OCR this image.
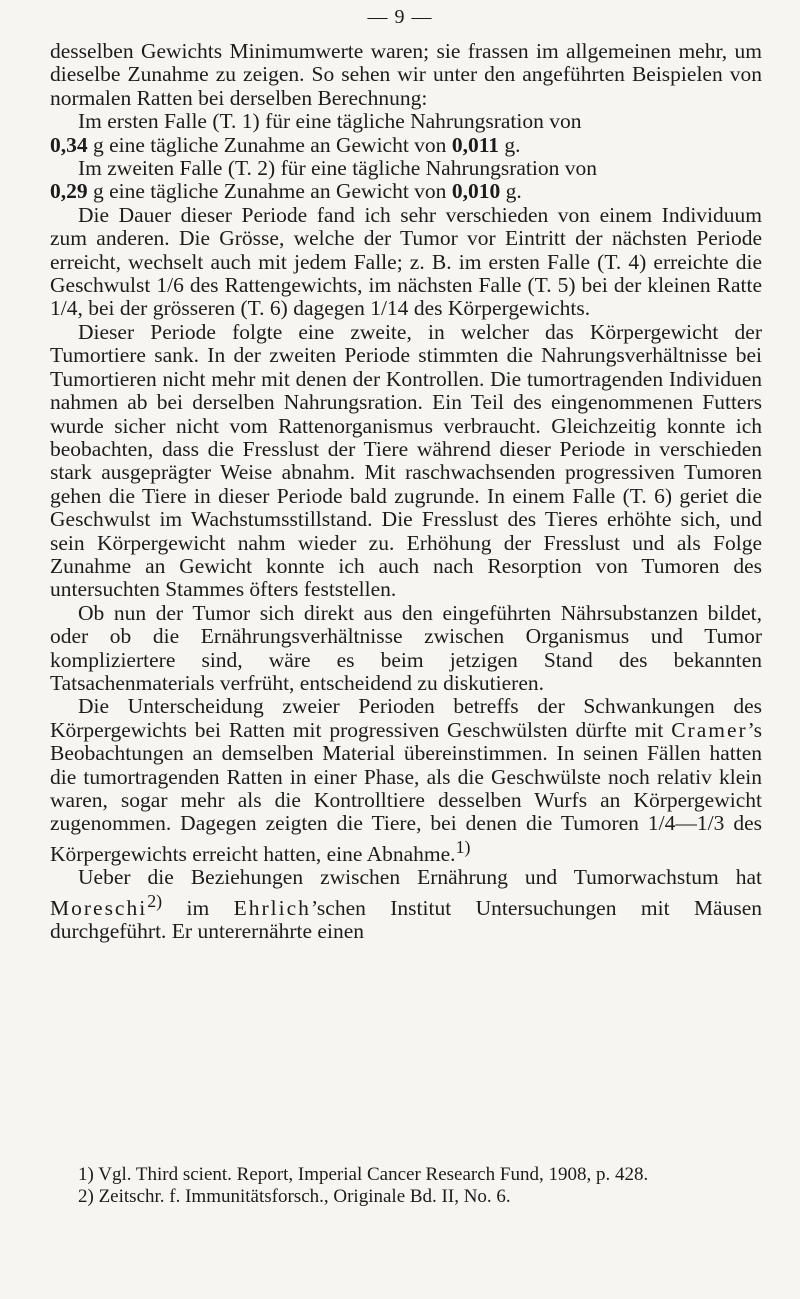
— 9 —

desselben Gewichts Minimumwerte waren; sie frassen im allgemeinen mehr, um dieselbe Zunahme zu zeigen. So sehen wir unter den angeführten Beispielen von normalen Ratten bei derselben Berechnung:

Im ersten Falle (T. 1) für eine tägliche Nahrungsration von
0,34 g eine tägliche Zunahme an Gewicht von 0,011 g.

Im zweiten Falle (T. 2) für eine tägliche Nahrungsration von
0,29 g eine tägliche Zunahme an Gewicht von 0,010 g.

Die Dauer dieser Periode fand ich sehr verschieden von einem Individuum zum anderen. Die Grösse, welche der Tumor vor Eintritt der nächsten Periode erreicht, wechselt auch mit jedem Falle; z. B. im ersten Falle (T. 4) erreichte die Geschwulst 1/6 des Rattengewichts, im nächsten Falle (T. 5) bei der kleinen Ratte 1/4, bei der grösseren (T. 6) dagegen 1/14 des Körpergewichts.

Dieser Periode folgte eine zweite, in welcher das Körpergewicht der Tumortiere sank. In der zweiten Periode stimmten die Nahrungsverhältnisse bei Tumortieren nicht mehr mit denen der Kontrollen. Die tumortragenden Individuen nahmen ab bei derselben Nahrungsration. Ein Teil des eingenommenen Futters wurde sicher nicht vom Rattenorganismus verbraucht. Gleichzeitig konnte ich beobachten, dass die Fresslust der Tiere während dieser Periode in verschieden stark ausgeprägter Weise abnahm. Mit raschwachsenden progressiven Tumoren gehen die Tiere in dieser Periode bald zugrunde. In einem Falle (T. 6) geriet die Geschwulst im Wachstumsstillstand. Die Fresslust des Tieres erhöhte sich, und sein Körpergewicht nahm wieder zu. Erhöhung der Fresslust und als Folge Zunahme an Gewicht konnte ich auch nach Resorption von Tumoren des untersuchten Stammes öfters feststellen.

Ob nun der Tumor sich direkt aus den eingeführten Nährsubstanzen bildet, oder ob die Ernährungsverhältnisse zwischen Organismus und Tumor kompliziertere sind, wäre es beim jetzigen Stand des bekannten Tatsachenmaterials verfrüht, entscheidend zu diskutieren.

Die Unterscheidung zweier Perioden betreffs der Schwankungen des Körpergewichts bei Ratten mit progressiven Geschwülsten dürfte mit Cramer’s Beobachtungen an demselben Material übereinstimmen. In seinen Fällen hatten die tumortragenden Ratten in einer Phase, als die Geschwülste noch relativ klein waren, sogar mehr als die Kontrolltiere desselben Wurfs an Körpergewicht zugenommen. Dagegen zeigten die Tiere, bei denen die Tumoren 1/4—1/3 des Körpergewichts erreicht hatten, eine Abnahme.$^{1)}$

Ueber die Beziehungen zwischen Ernährung und Tumorwachstum hat Moreschi$^{2)}$ im Ehrlich’schen Institut Untersuchungen mit Mäusen durchgeführt. Er unterernährte einen

1) Vgl. Third scient. Report, Imperial Cancer Research Fund, 1908, p. 428.

2) Zeitschr. f. Immunitätsforsch., Originale Bd. II, No. 6.
